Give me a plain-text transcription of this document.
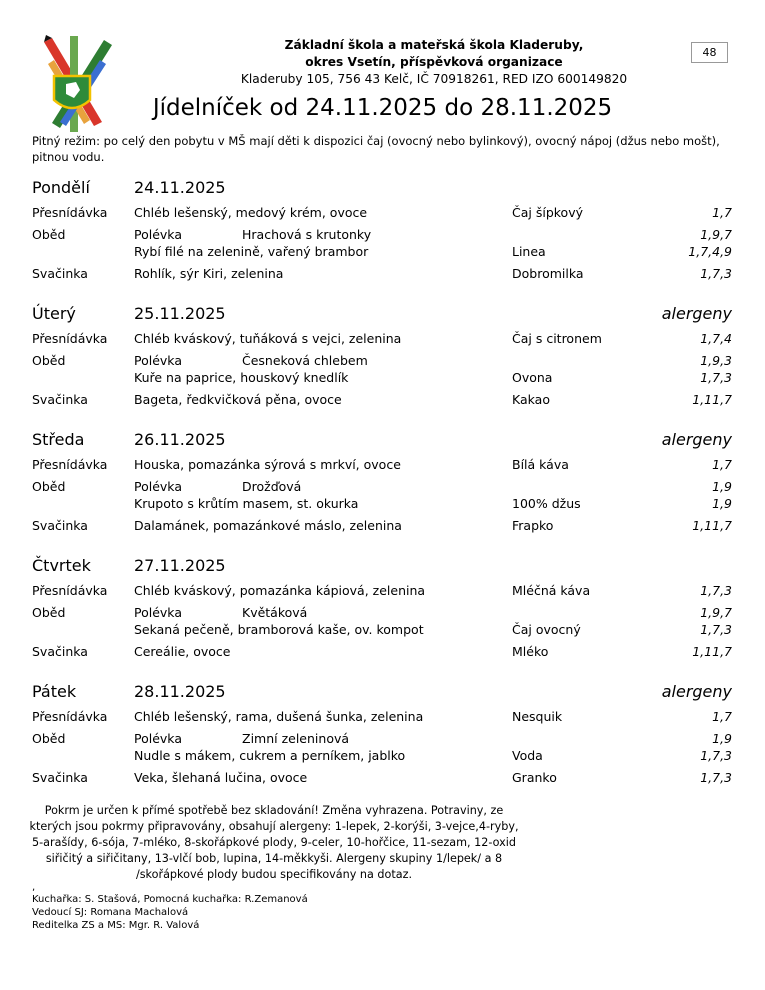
Základní škola a mateřská škola Kladeruby,
okres Vsetín, příspěvková organizace
Kladeruby 105, 756 43 Kelč, IČ 70918261, RED IZO 600149820
48
Jídelníček od 24.11.2025 do 28.11.2025
Pitný režim: po celý den pobytu v MŠ mají děti k dispozici čaj (ovocný nebo bylinkový), ovocný nápoj (džus nebo mošt), pitnou vodu.
Pondělí	24.11.2025
Přesnídávka Chléb lešenský, medový krém, ovoce	Čaj šípkový	1,7
Oběd	Polévka	Hrachová s krutonky	1,9,7
Rybí filé na zelenině, vařený brambor	Linea	1,7,4,9
Svačinka	Rohlík, sýr Kiri, zelenina	Dobromilka	1,7,3
Úterý	25.11.2025	alergeny
Přesnídávka Chléb kváskový, tuňáková s vejci, zelenina	Čaj s citronem	1,7,4
Oběd	Polévka	Česneková chlebem	1,9,3
Kuře na paprice, houskový knedlík	Ovona	1,7,3
Svačinka	Bageta, ředkvičková pěna, ovoce	Kakao	1,11,7
Středa	26.11.2025	alergeny
Přesnídávka Houska, pomazánka sýrová s mrkví, ovoce	Bílá káva	1,7
Oběd	Polévka	Drožďová	1,9
Krupoto s krůtím masem, st. okurka	100% džus	1,9
Svačinka	Dalamánek, pomazánkové máslo, zelenina	Frapko	1,11,7
Čtvrtek	27.11.2025
Přesnídávka Chléb kváskový, pomazánka kápiová, zelenina	Mléčná káva	1,7,3
Oběd	Polévka	Květáková	1,9,7
Sekaná pečeně, bramborová kaše, ov. kompot	Čaj ovocný	1,7,3
Svačinka	Cereálie, ovoce	Mléko	1,11,7
Pátek	28.11.2025	alergeny
Přesnídávka Chléb lešenský, rama, dušená šunka, zelenina	Nesquik	1,7
Oběd	Polévka	Zimní zeleninová	1,9
Nudle s mákem, cukrem a perníkem, jablko	Voda	1,7,3
Svačinka	Veka, šlehaná lučina, ovoce	Granko	1,7,3
Pokrm je určen k přímé spotřebě bez skladování! Změna vyhrazena. Potraviny, ze kterých jsou pokrmy připravovány, obsahují alergeny: 1-lepek, 2-korýši, 3-vejce,4-ryby, 5-arašídy, 6-sója, 7-mléko, 8-skořápkové plody, 9-celer, 10-hořčice, 11-sezam, 12-oxid siřičitý a siřičitany, 13-vlčí bob, lupina, 14-měkkyši. Alergeny skupiny 1/lepek/ a 8 /skořápkové plody budou specifikovány na dotaz.
,
Kuchařka: S. Stašová, Pomocná kuchařka: R.Zemanová
Vedoucí SJ: Romana Machalová
Reditelka ZS a MS: Mgr. R. Valová
